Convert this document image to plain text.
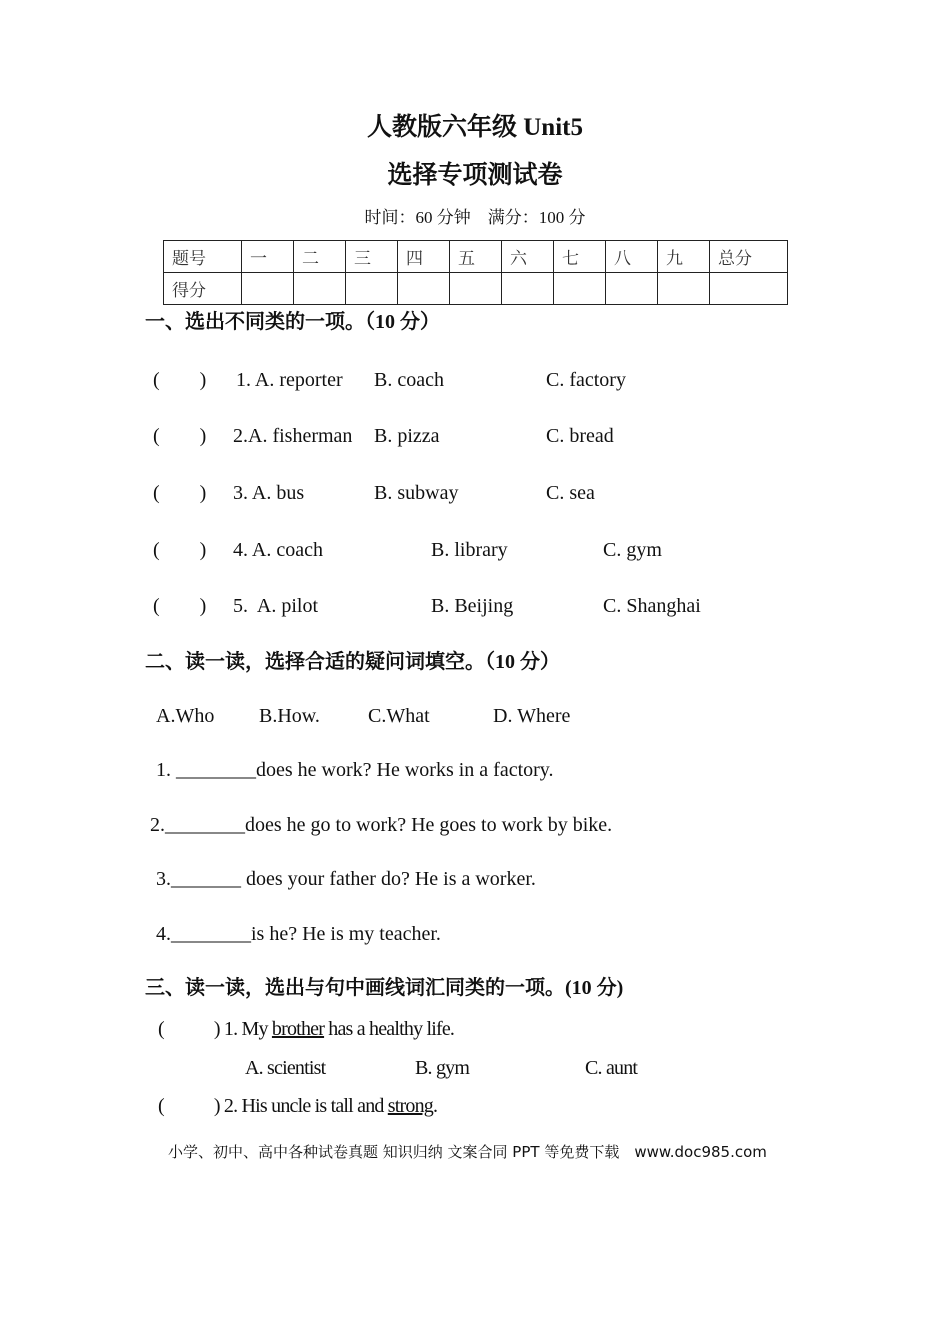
人教版六年级 Unit5
选择专项测试卷
时间：60 分钟　满分：100 分
题号	一	二	三	四	五	六	七	八	九	总分
得分										
一、选出不同类的一项。（10 分）
(　　) 1. A. reporter B. coach	C. factory
(　　) 2.A. fisherman B. pizza	C. bread
(　　) 3. A. bus	B. subway	C. sea
(　　) 4. A. coach	B. library	C. gym
(　　) 5.  A. pilot	B. Beijing	C. Shanghai
二、读一读，选择合适的疑问词填空。（10 分）
A.Who B.How. C.What	D. Where
1. ________does he work? He works in a factory.
2.________does he go to work? He goes to work by bike.
3._______ does your father do? He is a worker.
4.________is he? He is my teacher.
三、读一读，选出与句中画线词汇同类的一项。(10 分)
(	) 1. My brother has a healthy life.
A. scientist	B. gym	C. aunt
(	) 2. His uncle is tall and strong.
小学、初中、高中各种试卷真题 知识归纳 文案合同 PPT 等免费下载　www.doc985.com
